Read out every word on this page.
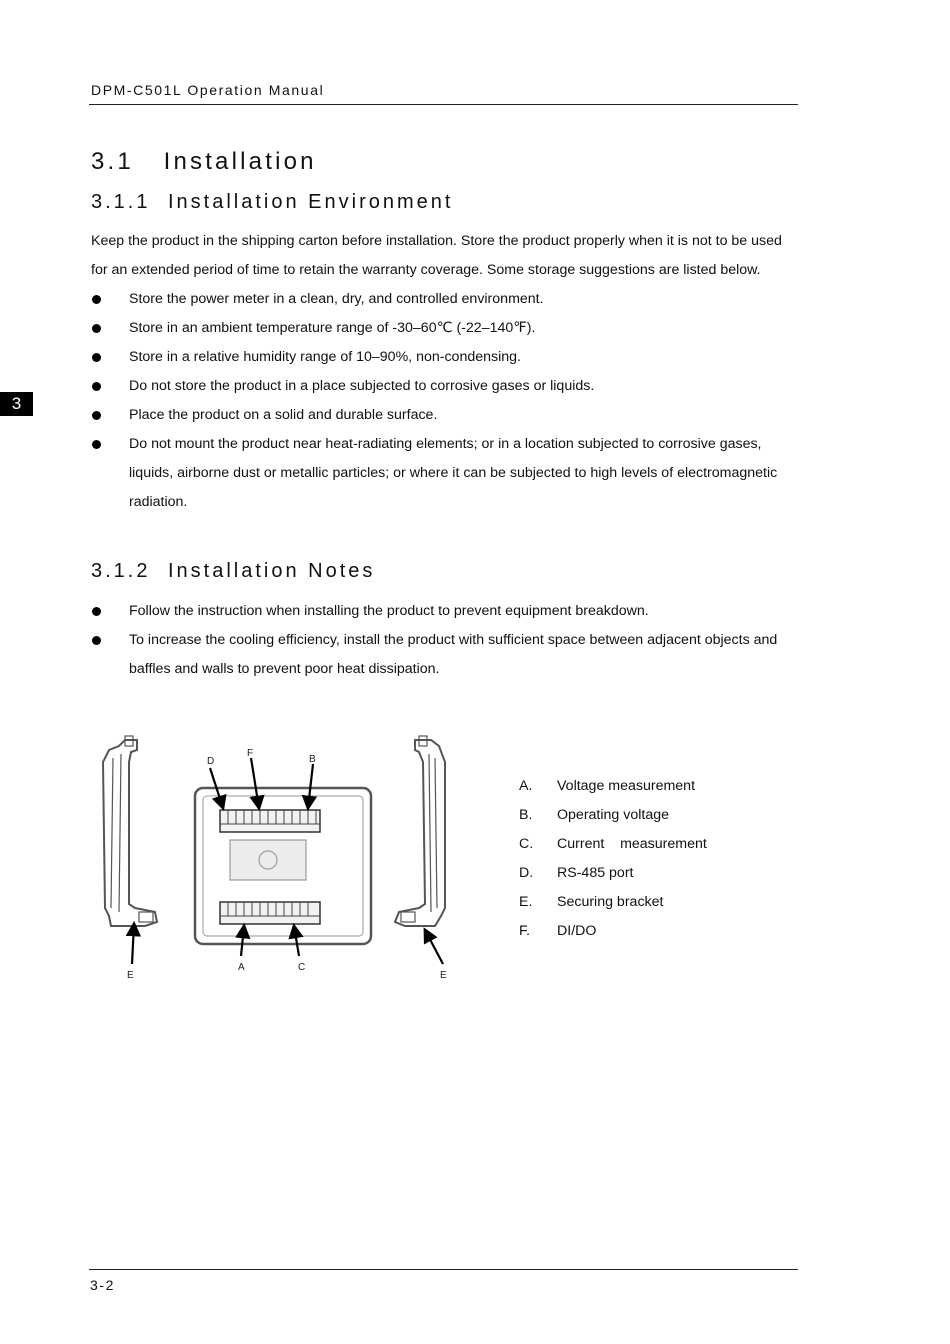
DPM-C501L Operation Manual
3
3.1 Installation
3.1.1 Installation Environment
Keep the product in the shipping carton before installation. Store the product properly when it is not to be used
for an extended period of time to retain the warranty coverage. Some storage suggestions are listed below.
Store the power meter in a clean, dry, and controlled environment.
Store in an ambient temperature range of -30–60℃ (-22–140℉).
Store in a relative humidity range of 10–90%, non-condensing.
Do not store the product in a place subjected to corrosive gases or liquids.
Place the product on a solid and durable surface.
Do not mount the product near heat-radiating elements; or in a location subjected to corrosive gases, liquids, airborne dust or metallic particles; or where it can be subjected to high levels of electromagnetic radiation.
3.1.2 Installation Notes
Follow the instruction when installing the product to prevent equipment breakdown.
To increase the cooling efficiency, install the product with sufficient space between adjacent objects and baffles and walls to prevent poor heat dissipation.
D
F
B
E
A	C
E
A.	Voltage measurement
B.	Operating voltage
C.	Current    measurement
D.	RS-485 port
E.	Securing bracket
F.	DI/DO
3-2
